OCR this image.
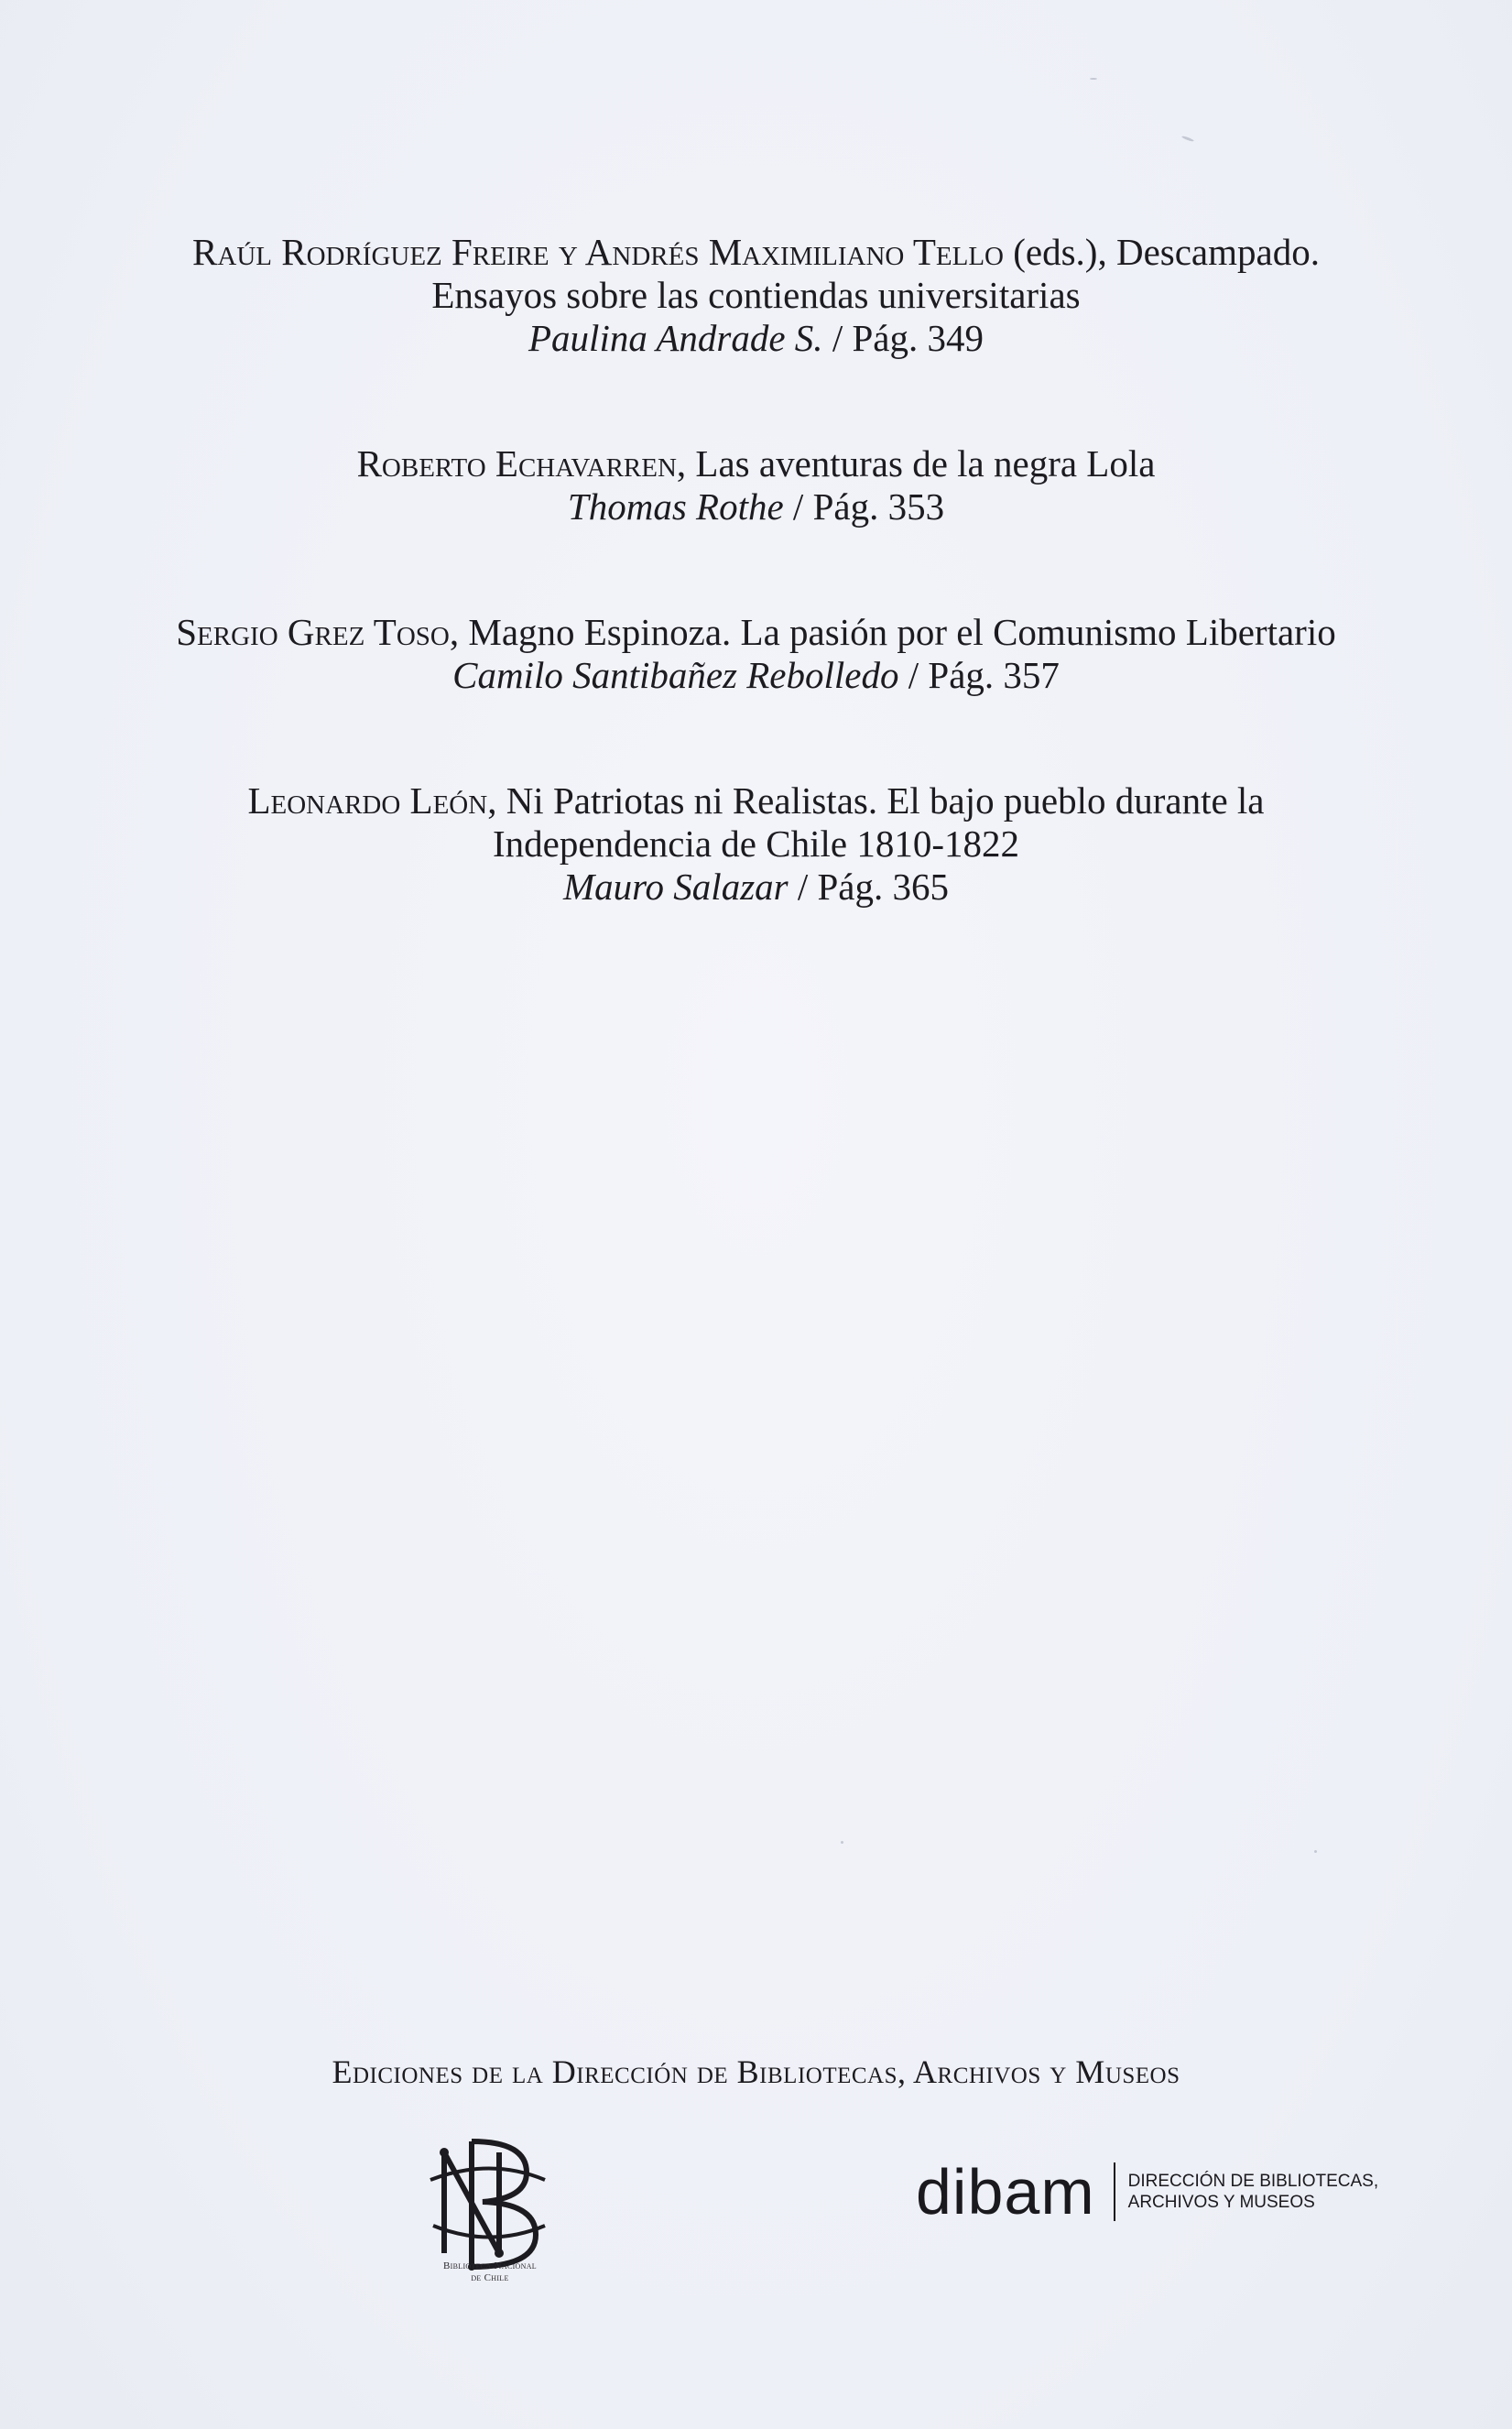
Raúl Rodríguez Freire y Andrés Maximiliano Tello (eds.), Descampado.
Ensayos sobre las contiendas universitarias
Paulina Andrade S. / Pág. 349
Roberto Echavarren, Las aventuras de la negra Lola
Thomas Rothe / Pág. 353
Sergio Grez Toso, Magno Espinoza. La pasión por el Comunismo Libertario
Camilo Santibañez Rebolledo / Pág. 357
Leonardo León, Ni Patriotas ni Realistas. El bajo pueblo durante la
Independencia de Chile 1810-1822
Mauro Salazar / Pág. 365
Ediciones de la Dirección de Bibliotecas, Archivos y Museos
Biblioteca Nacional
de Chile
dibam DIRECCIÓN DE BIBLIOTECAS,
ARCHIVOS Y MUSEOS
